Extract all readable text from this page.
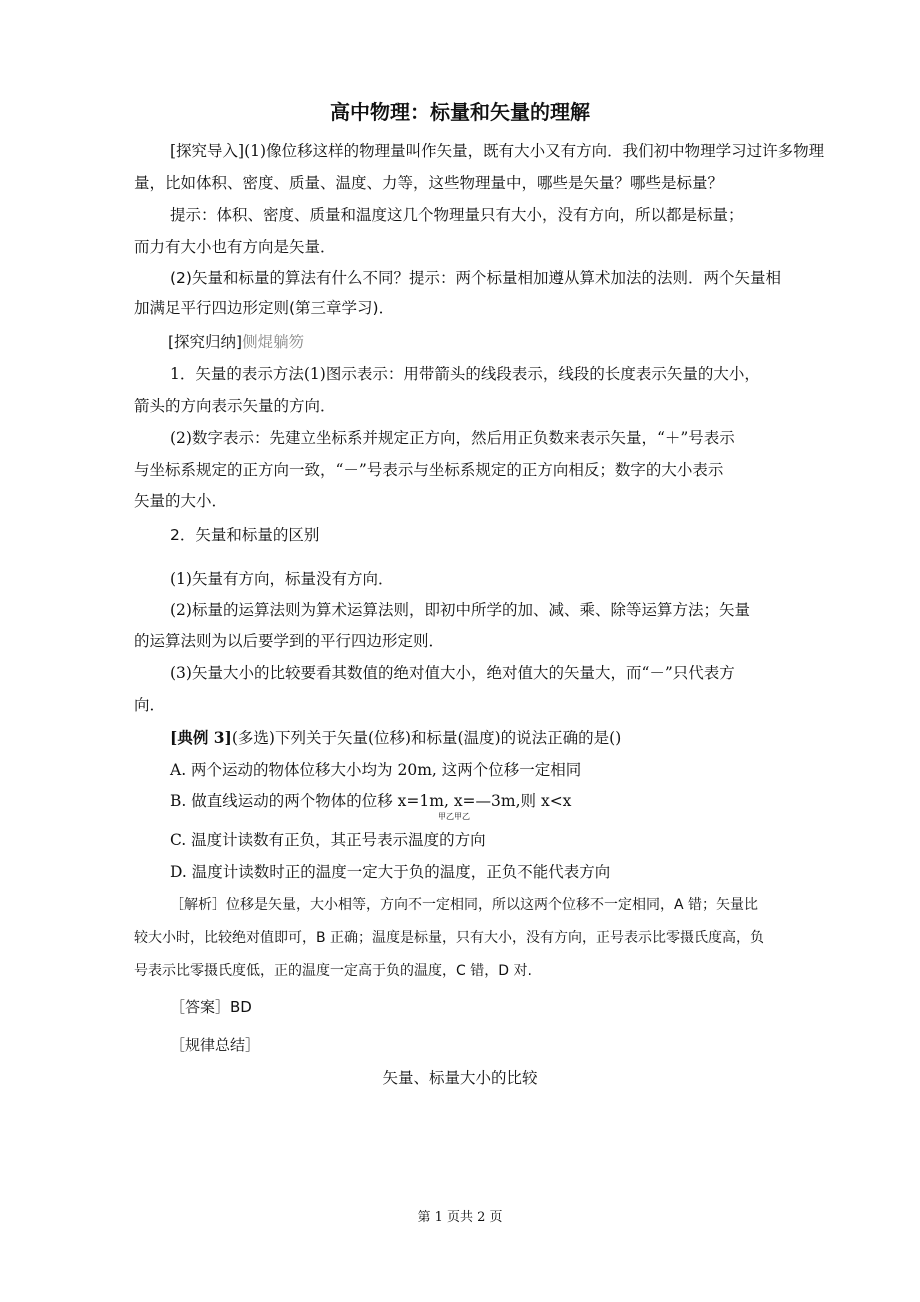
高中物理：标量和矢量的理解
[探究导入](1)像位移这样的物理量叫作矢量，既有大小又有方向．我们初中物理学习过许多物理
量，比如体积、密度、质量、温度、力等，这些物理量中，哪些是矢量？哪些是标量？
提示：体积、密度、质量和温度这几个物理量只有大小，没有方向，所以都是标量；
而力有大小也有方向是矢量．
(2)矢量和标量的算法有什么不同？提示：两个标量相加遵从算术加法的法则．两个矢量相
加满足平行四边形定则(第三章学习)．
[探究归纳]侧焜躺笏
1．矢量的表示方法(1)图示表示：用带箭头的线段表示，线段的长度表示矢量的大小，
箭头的方向表示矢量的方向．
(2)数字表示：先建立坐标系并规定正方向，然后用正负数来表示矢量，“＋”号表示
与坐标系规定的正方向一致，“－”号表示与坐标系规定的正方向相反；数字的大小表示
矢量的大小．
2．矢量和标量的区别
(1)矢量有方向，标量没有方向．
(2)标量的运算法则为算术运算法则，即初中所学的加、减、乘、除等运算方法；矢量
的运算法则为以后要学到的平行四边形定则．
(3)矢量大小的比较要看其数值的绝对值大小，绝对值大的矢量大，而“－”只代表方
向．
[典例 3](多选)下列关于矢量(位移)和标量(温度)的说法正确的是()
A. 两个运动的物体位移大小均为 20m, 这两个位移一定相同
B. 做直线运动的两个物体的位移 x=1m, x=—3m,则 x<x
甲乙甲乙
C. 温度计读数有正负，其正号表示温度的方向
D. 温度计读数时正的温度一定大于负的温度，正负不能代表方向
［解析］位移是矢量，大小相等，方向不一定相同，所以这两个位移不一定相同，A 错；矢量比
较大小时，比较绝对值即可，B 正确；温度是标量，只有大小，没有方向，正号表示比零摄氏度高，负
号表示比零摄氏度低，正的温度一定高于负的温度，C 错，D 对.
［答案］BD
［规律总结］
矢量、标量大小的比较
第 1 页共 2 页
